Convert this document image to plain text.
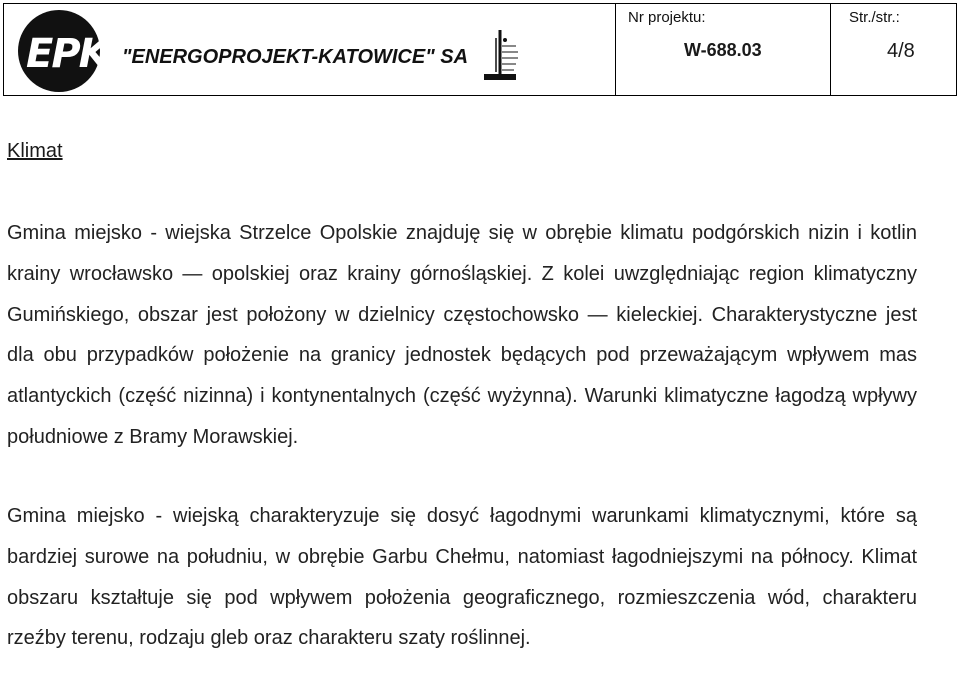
EPK "ENERGOPROJEKT-KATOWICE" SA
Nr projektu:
W-688.03
Str./str.:
4/8
Klimat
Gmina miejsko - wiejska Strzelce Opolskie znajduję się w obrębie klimatu podgórskich nizin i kotlin krainy wrocławsko — opolskiej oraz krainy górnośląskiej. Z kolei uwzględniając region klimatyczny Gumińskiego, obszar jest położony w dzielnicy częstochowsko — kieleckiej. Charakterystyczne jest dla obu przypadków położenie na granicy jednostek będących pod przeważającym wpływem mas atlantyckich (część nizinna) i kontynentalnych (część wyżynna). Warunki klimatyczne łagodzą wpływy południowe z Bramy Morawskiej.
Gmina miejsko - wiejską charakteryzuje się dosyć łagodnymi warunkami klimatycznymi, które są bardziej surowe na południu, w obrębie Garbu Chełmu, natomiast łagodniejszymi na północy. Klimat obszaru kształtuje się pod wpływem położenia geograficznego, rozmieszczenia wód, charakteru rzeźby terenu, rodzaju gleb oraz charakteru szaty roślinnej.
